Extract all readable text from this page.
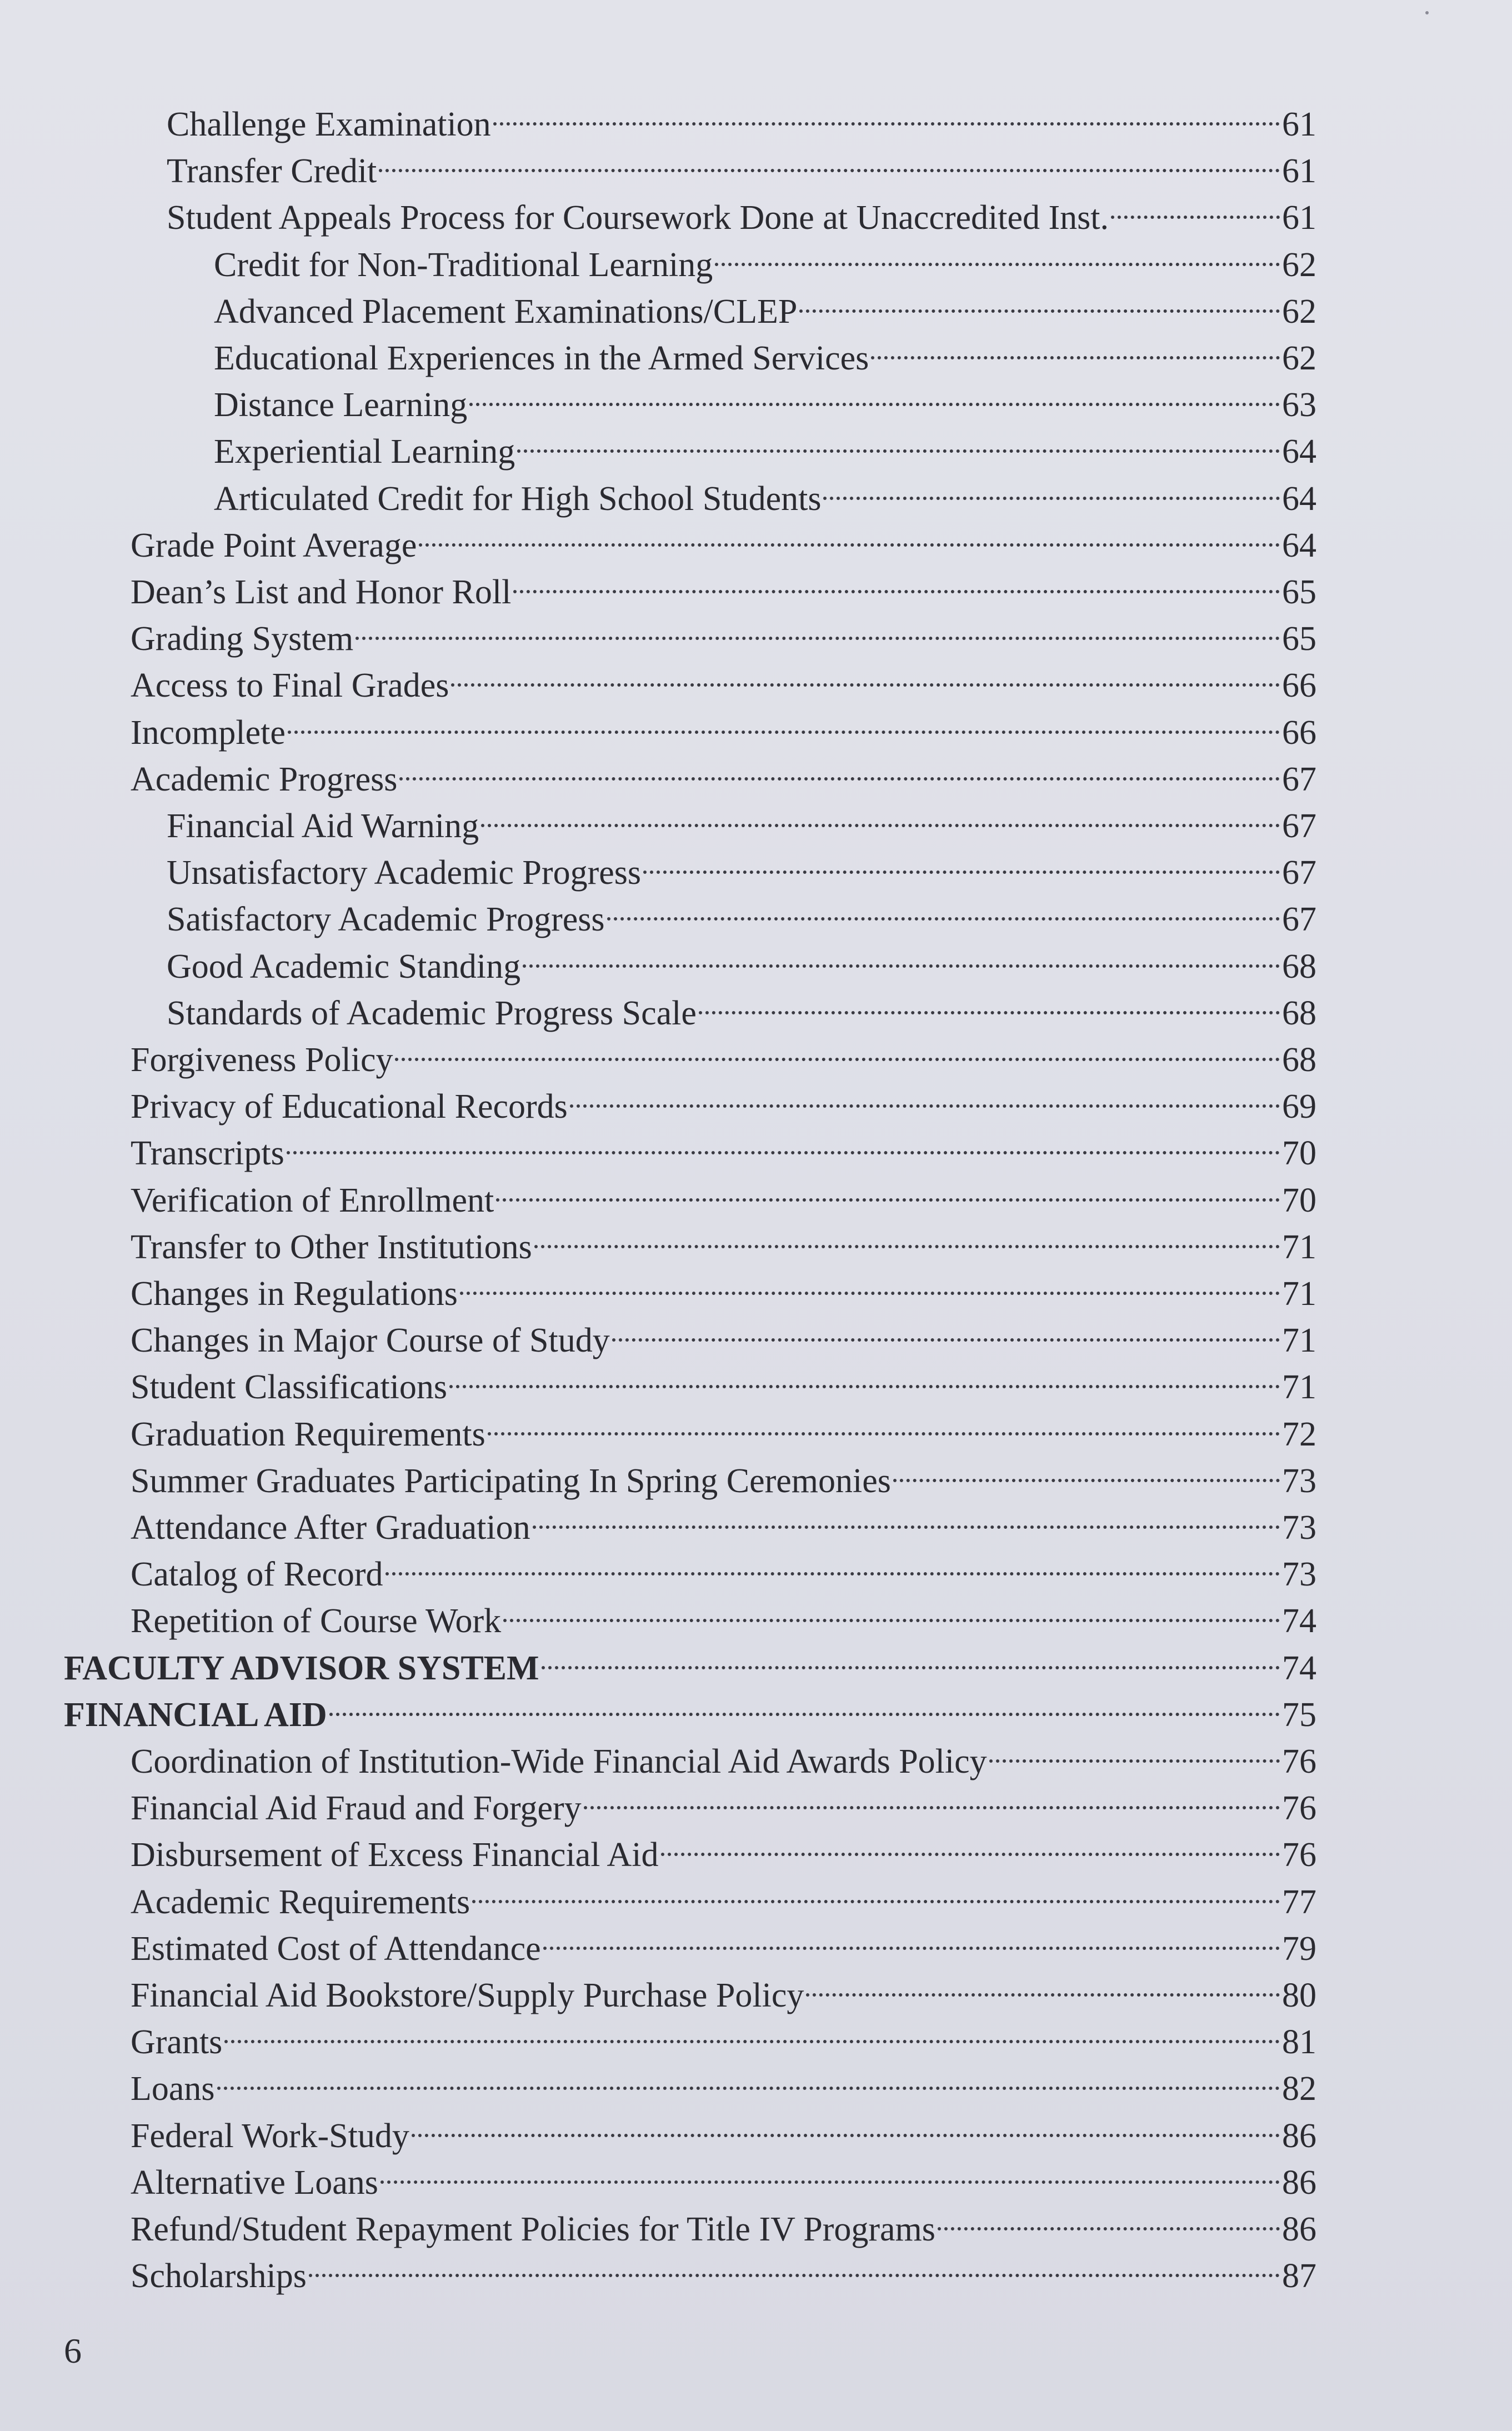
Challenge Examination	61
Transfer Credit	61
Student Appeals Process for Coursework Done at Unaccredited Inst.	61
Credit for Non-Traditional Learning	62
Advanced Placement Examinations/CLEP	62
Educational Experiences in the Armed Services	62
Distance Learning	63
Experiential Learning	64
Articulated Credit for High School Students	64
Grade Point Average	64
Dean’s List and Honor Roll	65
Grading System	65
Access to Final Grades	66
Incomplete	66
Academic Progress	67
Financial Aid Warning	67
Unsatisfactory Academic Progress	67
Satisfactory Academic Progress	67
Good Academic Standing	68
Standards of Academic Progress Scale	68
Forgiveness Policy	68
Privacy of Educational Records	69
Transcripts	70
Verification of Enrollment	70
Transfer to Other Institutions	71
Changes in Regulations	71
Changes in Major Course of Study	71
Student Classifications	71
Graduation Requirements	72
Summer Graduates Participating In Spring Ceremonies	73
Attendance After Graduation	73
Catalog of Record	73
Repetition of Course Work	74
FACULTY ADVISOR SYSTEM	74
FINANCIAL AID	75
Coordination of Institution-Wide Financial Aid Awards Policy	76
Financial Aid Fraud and Forgery	76
Disbursement of Excess Financial Aid	76
Academic Requirements	77
Estimated Cost of Attendance	79
Financial Aid Bookstore/Supply Purchase Policy	80
Grants	81
Loans	82
Federal Work-Study	86
Alternative Loans	86
Refund/Student Repayment Policies for Title IV Programs	86
Scholarships	87
6
